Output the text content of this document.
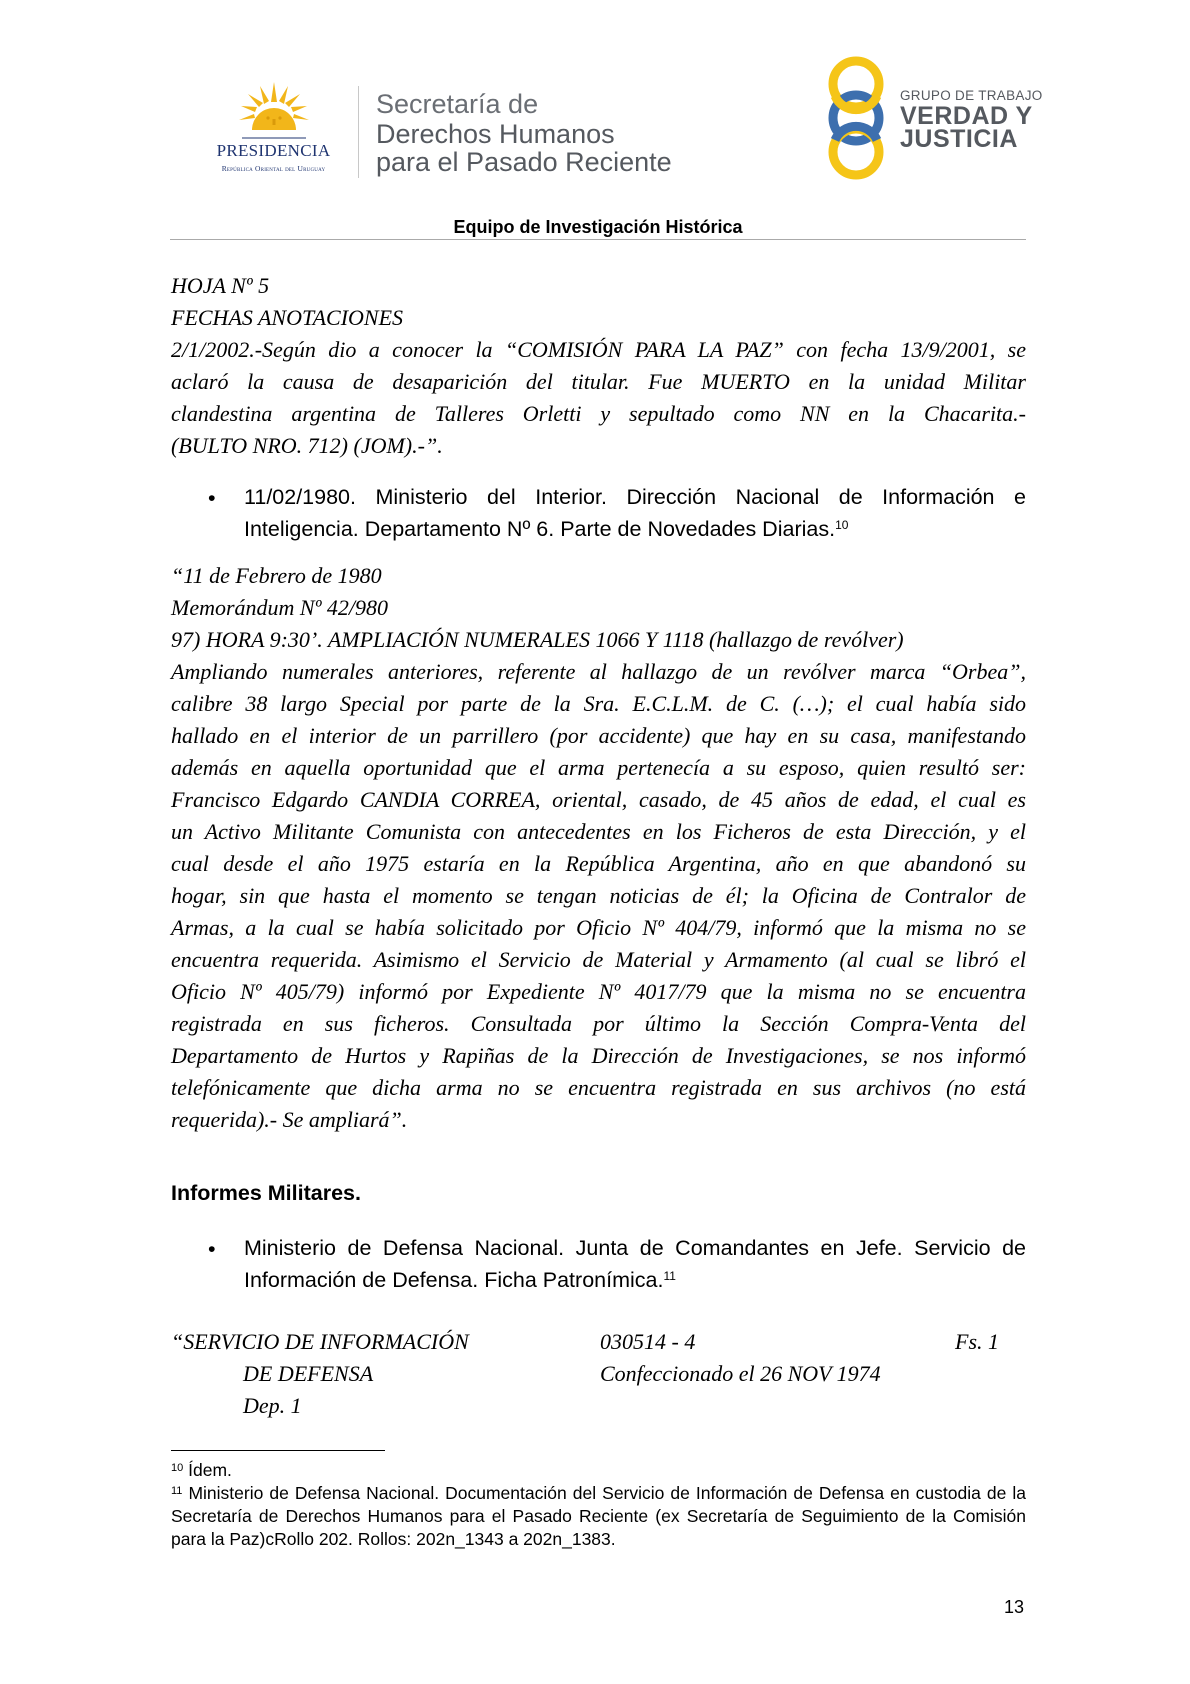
PRESIDENCIA
República Oriental del Uruguay
Secretaría de
Derechos Humanos
para el Pasado Reciente
GRUPO DE TRABAJO
VERDAD Y
JUSTICIA
Equipo de Investigación Histórica
HOJA Nº 5
FECHAS ANOTACIONES
2/1/2002.-Según dio a conocer la “COMISIÓN PARA LA PAZ” con fecha 13/9/2001, se
aclaró la causa de desaparición del titular. Fue MUERTO en la unidad Militar
clandestina argentina de Talleres Orletti y sepultado como NN en la Chacarita.-
(BULTO NRO. 712) (JOM).-”.
• 11/02/1980. Ministerio del Interior. Dirección Nacional de Información e Inteligencia. Departamento Nº 6. Parte de Novedades Diarias.$^{10}$
“11 de Febrero de 1980
Memorándum Nº 42/980
97) HORA 9:30’. AMPLIACIÓN NUMERALES 1066 Y 1118 (hallazgo de revólver)
Ampliando numerales anteriores, referente al hallazgo de un revólver marca “Orbea”,
calibre 38 largo Special por parte de la Sra. E.C.L.M. de C. (…); el cual había sido
hallado en el interior de un parrillero (por accidente) que hay en su casa, manifestando
además en aquella oportunidad que el arma pertenecía a su esposo, quien resultó ser:
Francisco Edgardo CANDIA CORREA, oriental, casado, de 45 años de edad, el cual es
un Activo Militante Comunista con antecedentes en los Ficheros de esta Dirección, y el
cual desde el año 1975 estaría en la República Argentina, año en que abandonó su
hogar, sin que hasta el momento se tengan noticias de él; la Oficina de Contralor de
Armas, a la cual se había solicitado por Oficio Nº 404/79, informó que la misma no se
encuentra requerida. Asimismo el Servicio de Material y Armamento (al cual se libró el
Oficio Nº 405/79) informó por Expediente Nº 4017/79 que la misma no se encuentra
registrada en sus ficheros. Consultada por último la Sección Compra-Venta del
Departamento de Hurtos y Rapiñas de la Dirección de Investigaciones, se nos informó
telefónicamente que dicha arma no se encuentra registrada en sus archivos (no está
requerida).- Se ampliará”.
Informes Militares.
• Ministerio de Defensa Nacional. Junta de Comandantes en Jefe. Servicio de Información de Defensa. Ficha Patronímica.$^{11}$
“SERVICIO DE INFORMACIÓN
DE DEFENSA
Dep. 1
030514 - 4
Confeccionado el 26 NOV 1974
Fs. 1
$^{10}$ Ídem.
$^{11}$ Ministerio de Defensa Nacional. Documentación del Servicio de Información de Defensa en custodia de la Secretaría de Derechos Humanos para el Pasado Reciente (ex Secretaría de Seguimiento de la Comisión para la Paz)cRollo 202. Rollos: 202n_1343 a 202n_1383.
13
